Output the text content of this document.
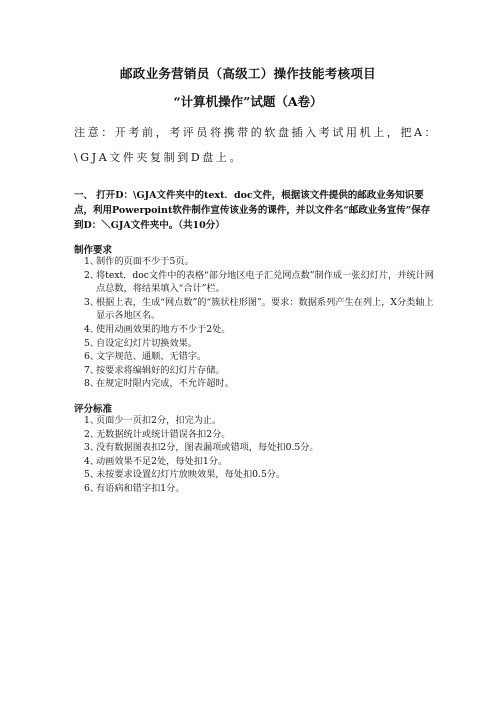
邮政业务营销员（高级工）操作技能考核项目
“计算机操作”试题（A卷）
注意：开考前，考评员将携带的软盘插入考试用机上，把A：\GJA文件夹复制到D盘上。
一、 打开D：\GJA文件夹中的text．doc文件，根据该文件提供的邮政业务知识要点，利用Powerpoint软件制作宣传该业务的课件，并以文件名“邮政业务宣传”保存到D：＼GJA文件夹中。（共10分）
制作要求
1、
制作的页面不少于5页。
2、
将text．doc文件中的表格“部分地区电子汇兑网点数”制作成一张幻灯片，并统计网点总数，将结果填入“合计”栏。
3、
根据上表，生成“网点数”的“簇状柱形图”。要求：数据系列产生在列上，X分类轴上显示各地区名。
4、
使用动画效果的地方不少于2处。
5、
自设定幻灯片切换效果。
6、
文字规范、通顺、无错字。
7、
按要求将编辑好的幻灯片存储。
8、
在规定时限内完成，不允许超时。
评分标准
1、
页面少一页扣2分，扣完为止。
2、
无数据统计或统计错误各扣2分。
3、
没有数据图表扣2分，图表漏项或错项，每处扣0.5分。
4、
动画效果不足2处，每处扣1分。
5、
未按要求设置幻灯片放映效果，每处扣0.5分。
6、
有语病和错字扣1分。
